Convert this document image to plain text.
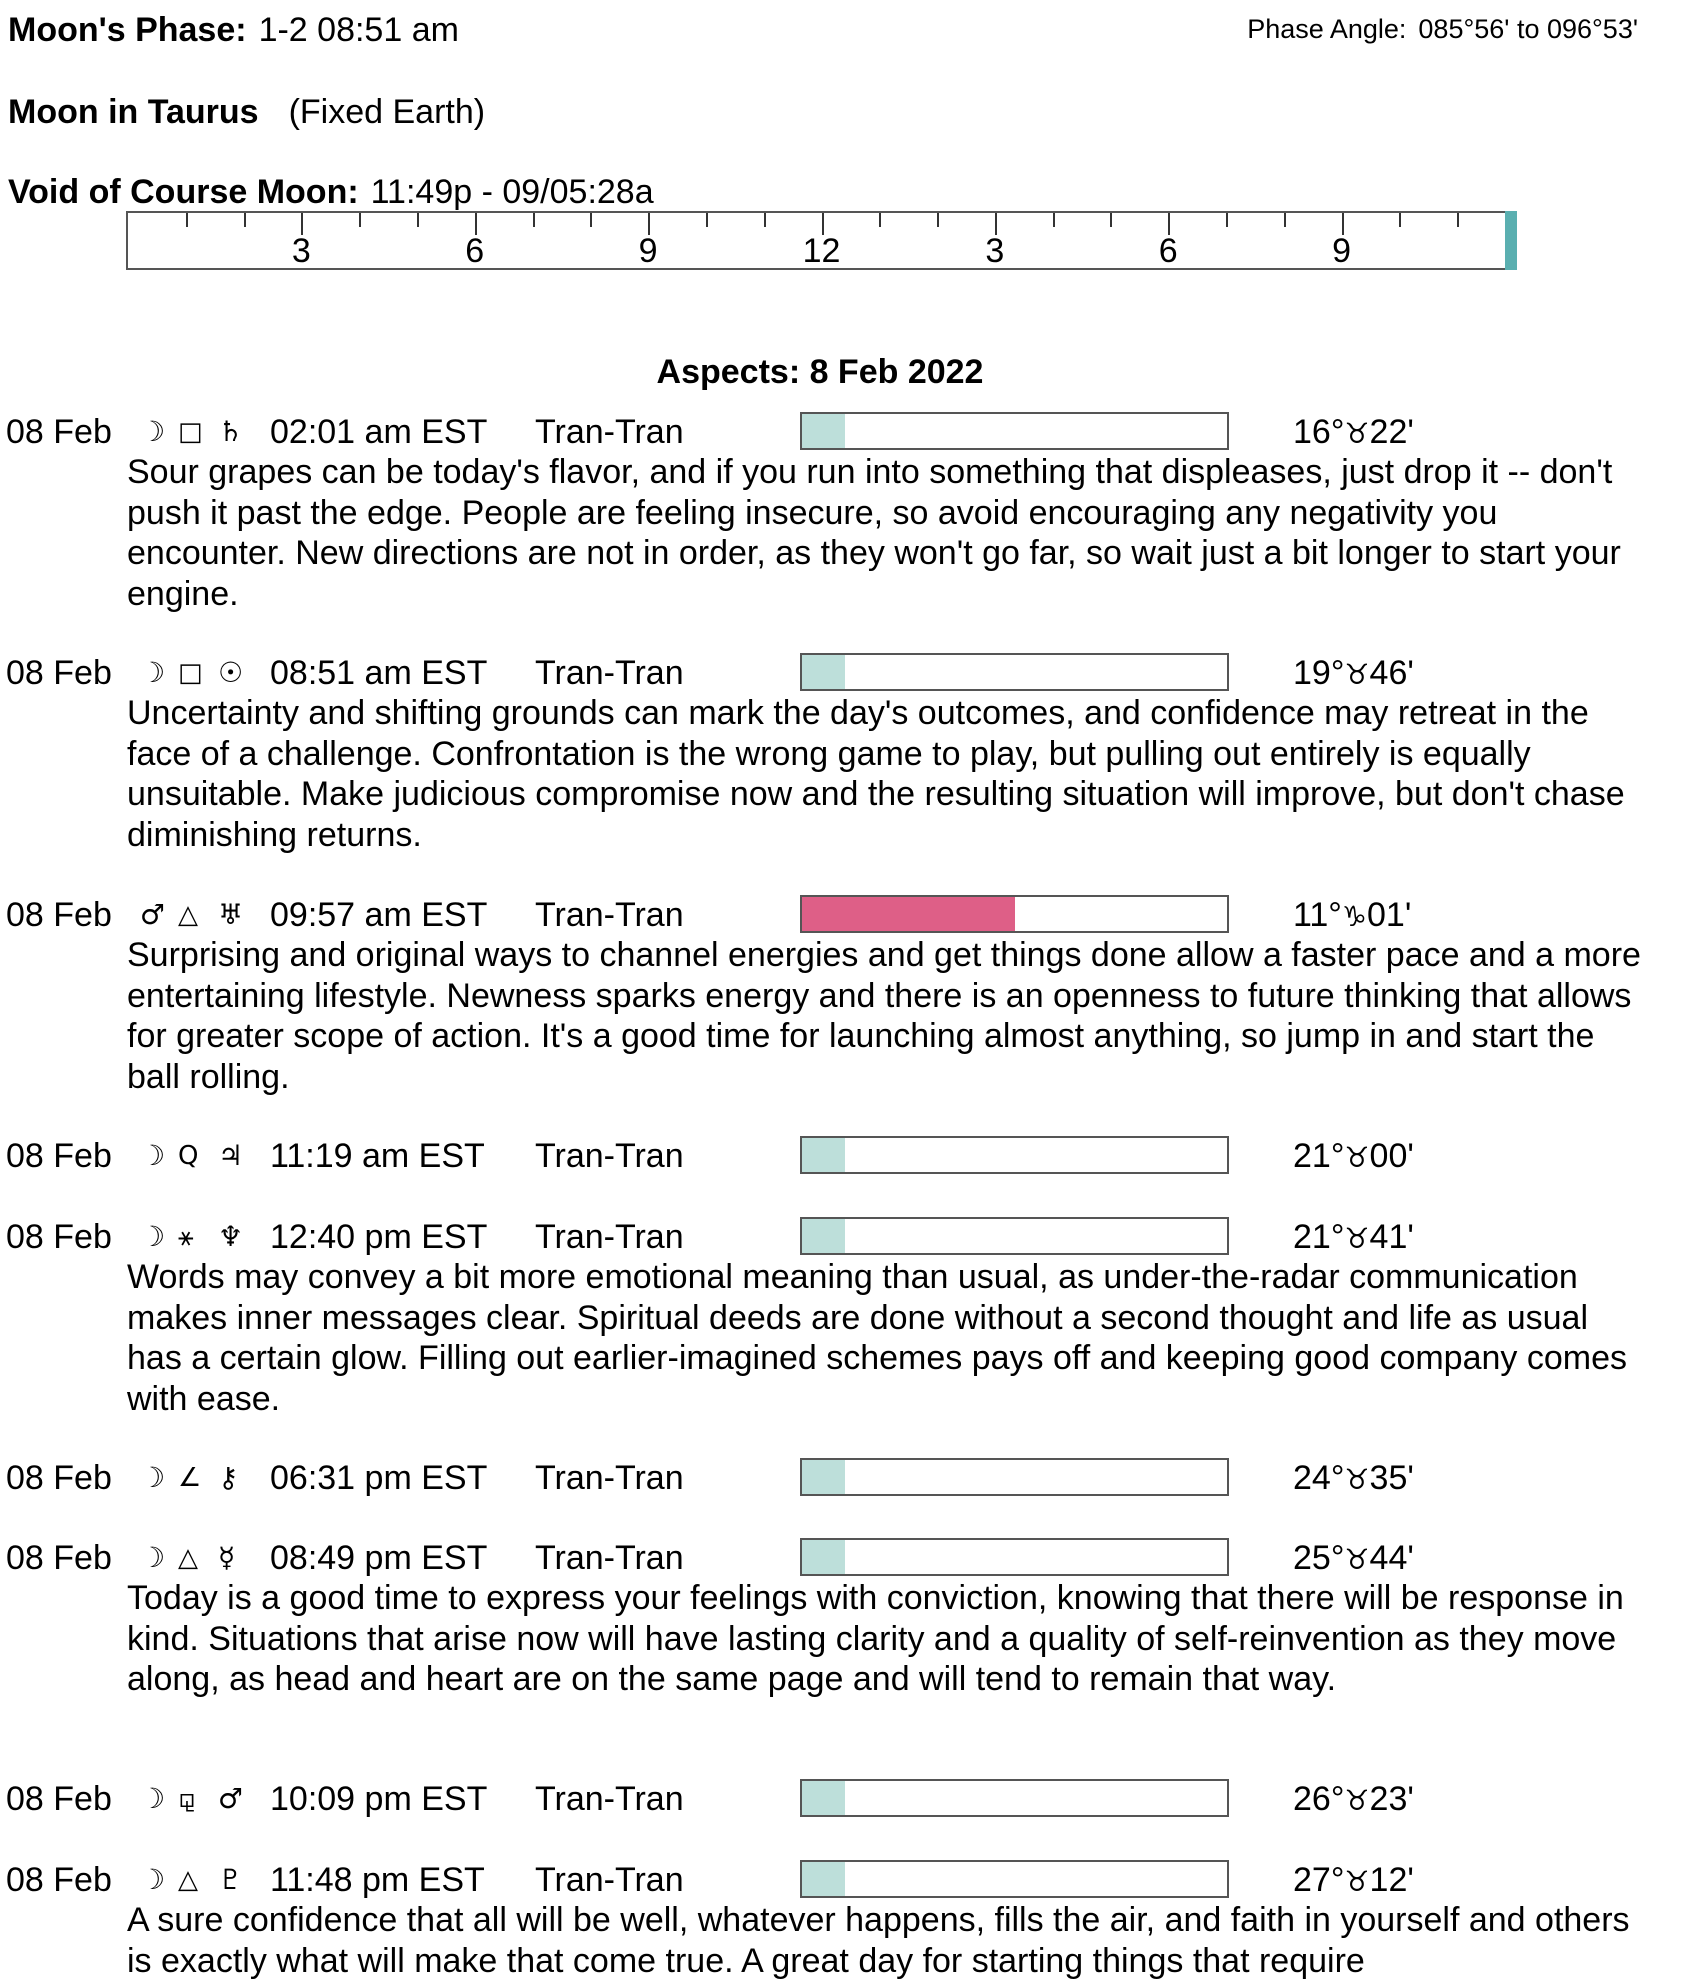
Moon's Phase: 1-2 08:51 am	Phase Angle: 085°56' to 096°53'
Moon in Taurus (Fixed Earth)
Void of Course Moon: 11:49p - 09/05:28a
3	6	9	12	3	6	9
Aspects: 8 Feb 2022
08 Feb ☽ □ ♄ 02:01 am EST Tran-Tran	16°♉22'
Sour grapes can be today's flavor, and if you run into something that displeases, just drop it -- don't push it past the edge. People are feeling insecure, so avoid encouraging any negativity you encounter. New directions are not in order, as they won't go far, so wait just a bit longer to start your engine.
08 Feb ☽ □ ☉ 08:51 am EST Tran-Tran	19°♉46'
Uncertainty and shifting grounds can mark the day's outcomes, and confidence may retreat in the face of a challenge. Confrontation is the wrong game to play, but pulling out entirely is equally unsuitable. Make judicious compromise now and the resulting situation will improve, but don't chase diminishing returns.
08 Feb ♂ △ ♅ 09:57 am EST Tran-Tran	11°♑01'
Surprising and original ways to channel energies and get things done allow a faster pace and a more entertaining lifestyle. Newness sparks energy and there is an openness to future thinking that allows for greater scope of action. It's a good time for launching almost anything, so jump in and start the ball rolling.
08 Feb ☽ Q ♃ 11:19 am EST Tran-Tran	21°♉00'
08 Feb ☽ ⚹ ♆ 12:40 pm EST Tran-Tran	21°♉41'
Words may convey a bit more emotional meaning than usual, as under-the-radar communication makes inner messages clear. Spiritual deeds are done without a second thought and life as usual has a certain glow. Filling out earlier-imagined schemes pays off and keeping good company comes with ease.
08 Feb ☽ ∠ ⚷ 06:31 pm EST Tran-Tran	24°♉35'
08 Feb ☽ △ ☿ 08:49 pm EST Tran-Tran	25°♉44'
Today is a good time to express your feelings with conviction, knowing that there will be response in kind. Situations that arise now will have lasting clarity and a quality of self-reinvention as they move along, as head and heart are on the same page and will tend to remain that way.
08 Feb ☽ ⚼ ♂ 10:09 pm EST Tran-Tran	26°♉23'
08 Feb ☽ △ ♇ 11:48 pm EST Tran-Tran	27°♉12'
A sure confidence that all will be well, whatever happens, fills the air, and faith in yourself and others is exactly what will make that come true. A great day for starting things that require
